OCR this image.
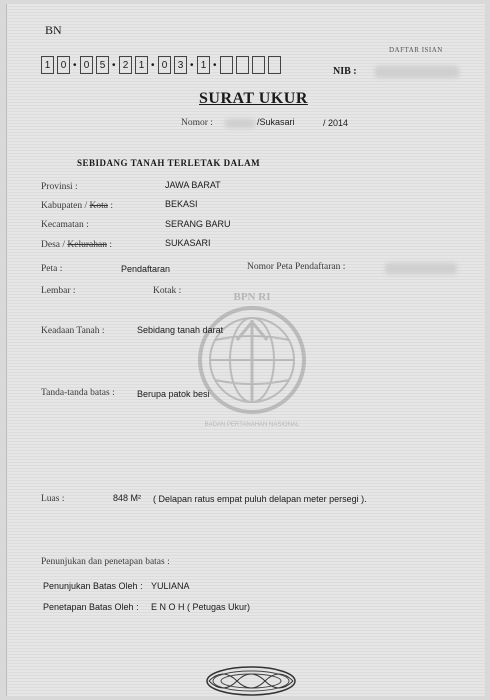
BN
DAFTAR ISIAN
1	0 • 0	5 • 2	1 • 0	3 • 1 •
NIB :
SURAT UKUR
Nomor :	/Sukasari	/ 2014
SEBIDANG TANAH TERLETAK DALAM
Provinsi :	JAWA BARAT
Kabupaten / Kota :	BEKASI
Kecamatan :	SERANG BARU
Desa / Kelurahan :	SUKASARI
Peta :	Pendaftaran	Nomor Peta Pendaftaran :
Lembar :	Kotak :	BPN RI
BADAN PERTANAHAN NASIONAL
Keadaan Tanah :	Sebidang tanah darat
Tanda-tanda batas : Berupa patok besi
Luas :	848 M² ( Delapan ratus empat puluh delapan meter persegi ).
Penunjukan dan penetapan batas :
Penunjukan Batas Oleh : YULIANA
Penetapan Batas Oleh : E N O H ( Petugas Ukur)
